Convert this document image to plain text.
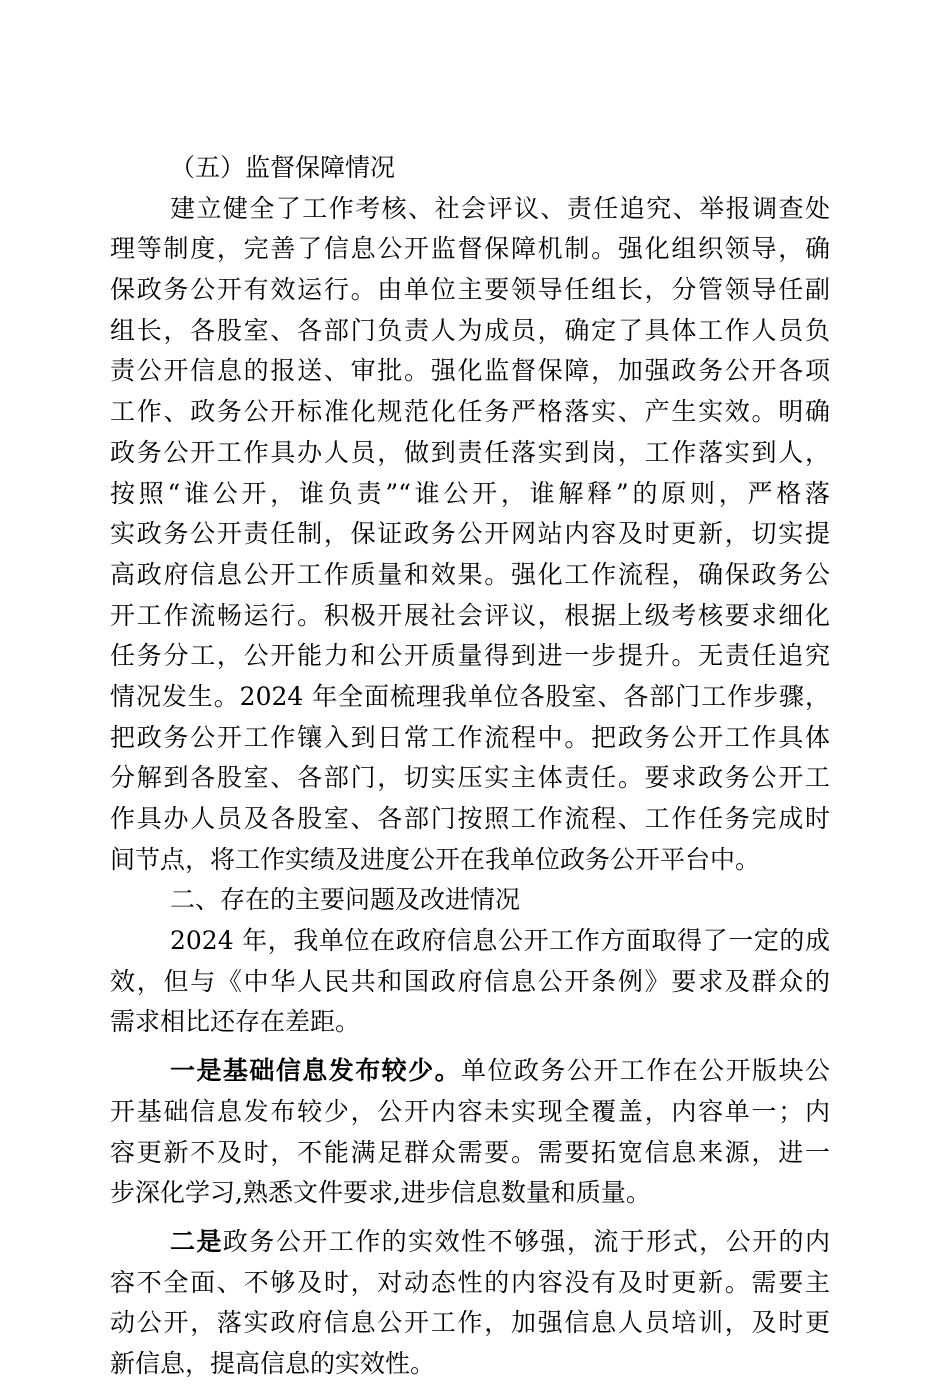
（五）监督保障情况
建立健全了工作考核、社会评议、责任追究、举报调查处
理等制度，完善了信息公开监督保障机制。强化组织领导，确
保政务公开有效运行。由单位主要领导任组长，分管领导任副
组长，各股室、各部门负责人为成员，确定了具体工作人员负
责公开信息的报送、审批。强化监督保障，加强政务公开各项
工作、政务公开标准化规范化任务严格落实、产生实效。明确
政务公开工作具办人员，做到责任落实到岗，工作落实到人，
按照“谁公开，谁负责”“谁公开，谁解释”的原则，严格落
实政务公开责任制，保证政务公开网站内容及时更新，切实提
高政府信息公开工作质量和效果。强化工作流程，确保政务公
开工作流畅运行。积极开展社会评议，根据上级考核要求细化
任务分工，公开能力和公开质量得到进一步提升。无责任追究
情况发生。2024 年全面梳理我单位各股室、各部门工作步骤，
把政务公开工作镶入到日常工作流程中。把政务公开工作具体
分解到各股室、各部门，切实压实主体责任。要求政务公开工
作具办人员及各股室、各部门按照工作流程、工作任务完成时
间节点，将工作实绩及进度公开在我单位政务公开平台中。
二、存在的主要问题及改进情况
2024 年，我单位在政府信息公开工作方面取得了一定的成
效，但与《中华人民共和国政府信息公开条例》要求及群众的
需求相比还存在差距。
一是基础信息发布较少。单位政务公开工作在公开版块公
开基础信息发布较少，公开内容未实现全覆盖，内容单一；内
容更新不及时，不能满足群众需要。需要拓宽信息来源，进一
步深化学习,熟悉文件要求,进步信息数量和质量。
二是政务公开工作的实效性不够强，流于形式，公开的内
容不全面、不够及时，对动态性的内容没有及时更新。需要主
动公开，落实政府信息公开工作，加强信息人员培训，及时更
新信息，提高信息的实效性。
